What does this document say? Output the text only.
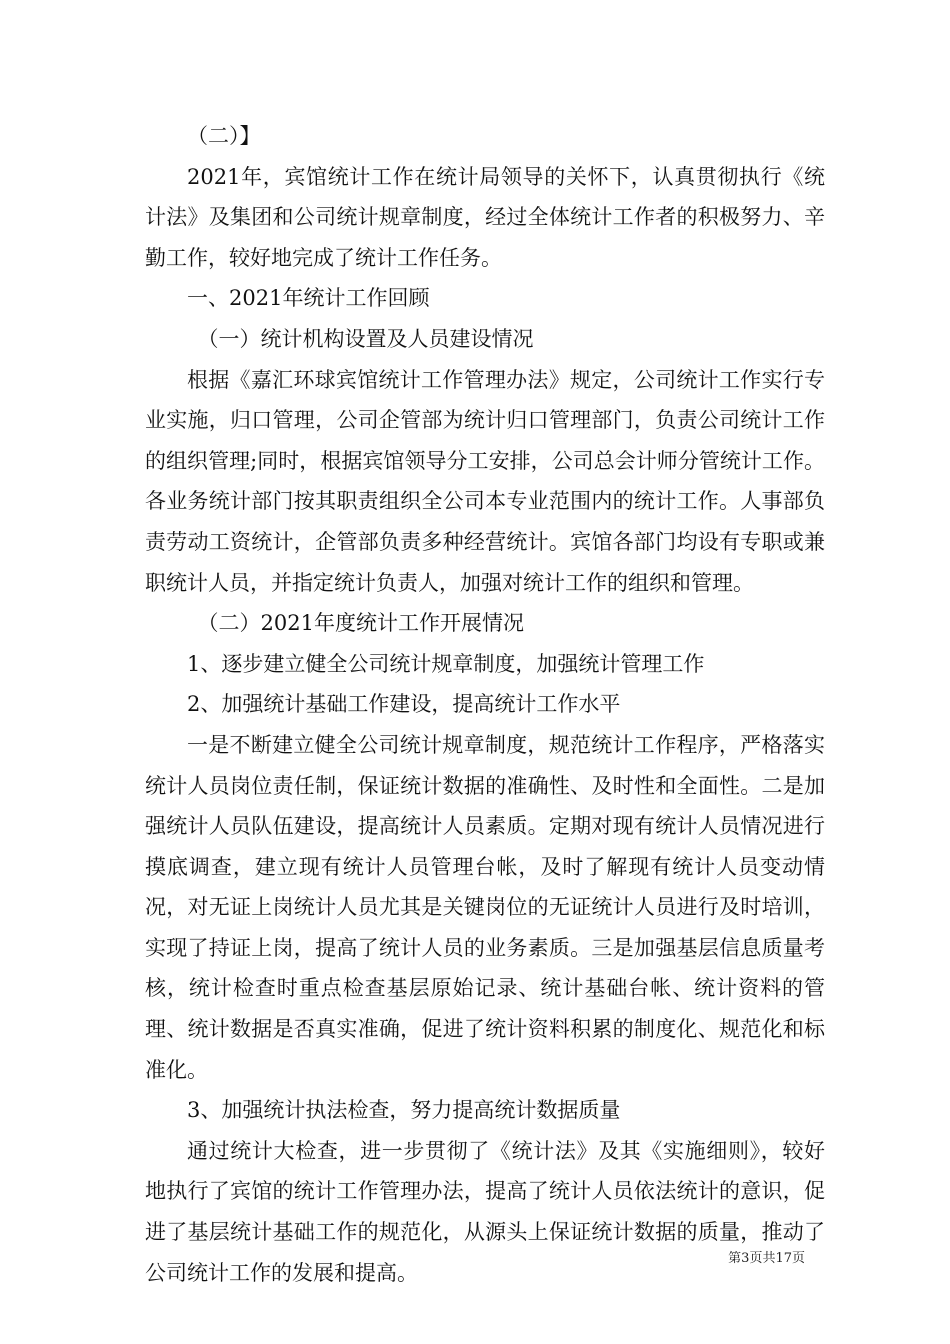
（二）】

2021年，宾馆统计工作在统计局领导的关怀下，认真贯彻执行《统计法》及集团和公司统计规章制度，经过全体统计工作者的积极努力、辛勤工作，较好地完成了统计工作任务。

一、2021年统计工作回顾

（一）统计机构设置及人员建设情况

根据《嘉汇环球宾馆统计工作管理办法》规定，公司统计工作实行专业实施，归口管理，公司企管部为统计归口管理部门，负责公司统计工作的组织管理;同时，根据宾馆领导分工安排，公司总会计师分管统计工作。各业务统计部门按其职责组织全公司本专业范围内的统计工作。人事部负责劳动工资统计，企管部负责多种经营统计。宾馆各部门均设有专职或兼职统计人员，并指定统计负责人，加强对统计工作的组织和管理。

（二）2021年度统计工作开展情况

1、逐步建立健全公司统计规章制度，加强统计管理工作

2、加强统计基础工作建设，提高统计工作水平

一是不断建立健全公司统计规章制度，规范统计工作程序，严格落实统计人员岗位责任制，保证统计数据的准确性、及时性和全面性。二是加强统计人员队伍建设，提高统计人员素质。定期对现有统计人员情况进行摸底调查，建立现有统计人员管理台帐，及时了解现有统计人员变动情况，对无证上岗统计人员尤其是关键岗位的无证统计人员进行及时培训，实现了持证上岗，提高了统计人员的业务素质。三是加强基层信息质量考核，统计检查时重点检查基层原始记录、统计基础台帐、统计资料的管理、统计数据是否真实准确，促进了统计资料积累的制度化、规范化和标准化。

3、加强统计执法检查，努力提高统计数据质量

通过统计大检查，进一步贯彻了《统计法》及其《实施细则》，较好地执行了宾馆的统计工作管理办法，提高了统计人员依法统计的意识，促进了基层统计基础工作的规范化，从源头上保证统计数据的质量，推动了公司统计工作的发展和提高。

第3页共17页
